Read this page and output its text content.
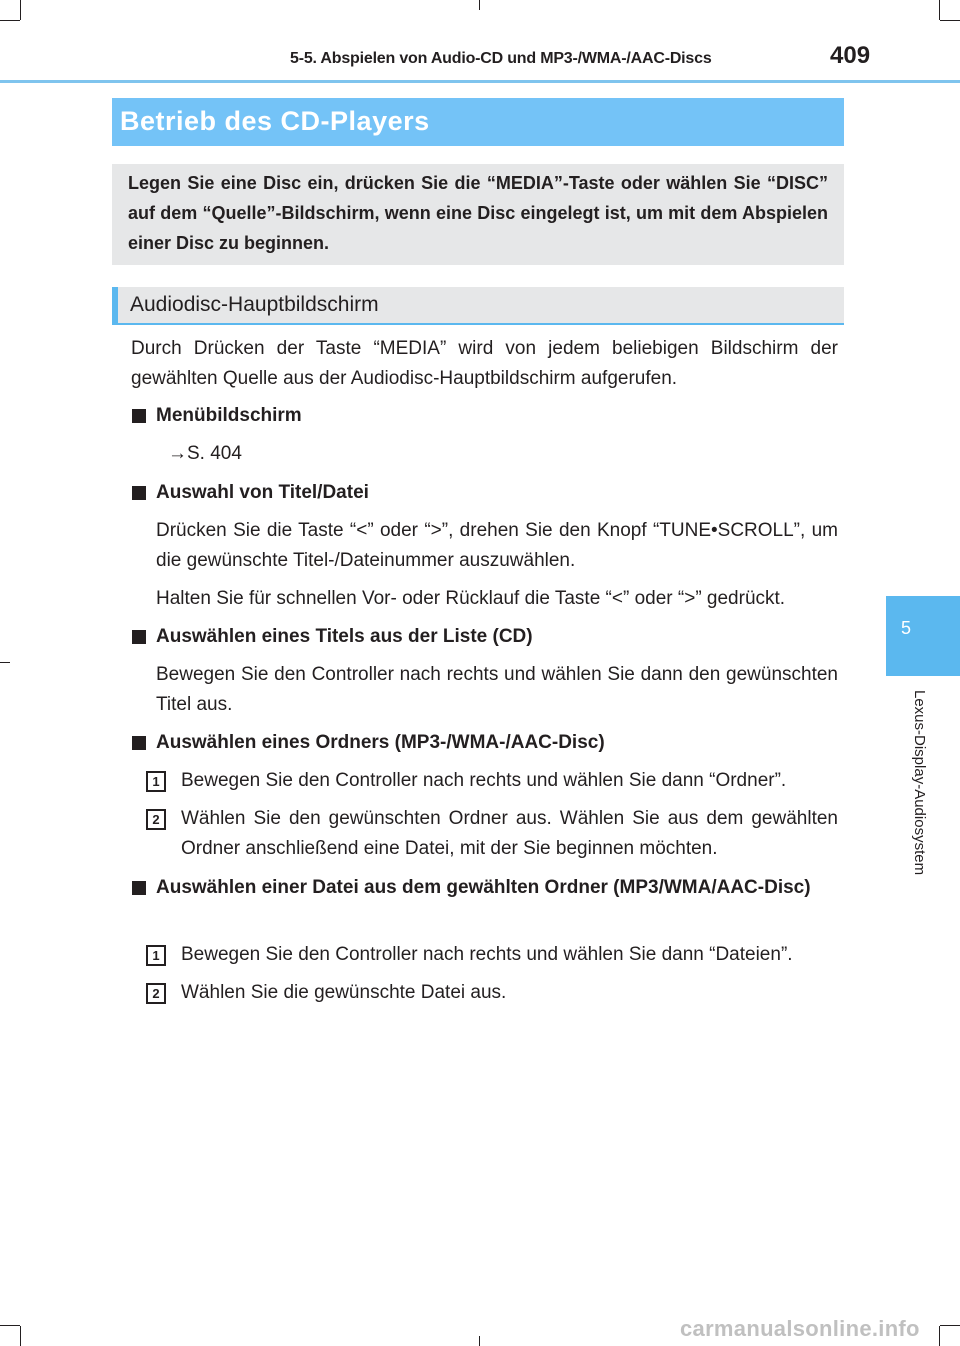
5-5. Abspielen von Audio-CD und MP3-/WMA-/AAC-Discs	409
5
Lexus-Display-Audiosystem
Betrieb des CD-Players
Legen Sie eine Disc ein, drücken Sie die “MEDIA”-Taste oder wählen Sie “DISC” auf dem “Quelle”-Bildschirm, wenn eine Disc eingelegt ist, um mit dem Abspielen einer Disc zu beginnen.
Audiodisc-Hauptbildschirm
Durch Drücken der Taste “MEDIA” wird von jedem beliebigen Bildschirm der gewählten Quelle aus der Audiodisc-Hauptbildschirm aufgerufen.
Menübildschirm
→S. 404
Auswahl von Titel/Datei
Drücken Sie die Taste “<” oder “>”, drehen Sie den Knopf “TUNE•SCROLL”, um die gewünschte Titel-/Dateinummer auszuwählen.
Halten Sie für schnellen Vor- oder Rücklauf die Taste “<” oder “>” gedrückt.
Auswählen eines Titels aus der Liste (CD)
Bewegen Sie den Controller nach rechts und wählen Sie dann den gewünschten Titel aus.
Auswählen eines Ordners (MP3-/WMA-/AAC-Disc)
1	Bewegen Sie den Controller nach rechts und wählen Sie dann “Ordner”.
2	Wählen Sie den gewünschten Ordner aus. Wählen Sie aus dem gewählten Ordner anschließend eine Datei, mit der Sie beginnen möchten.
Auswählen einer Datei aus dem gewählten Ordner (MP3/WMA/AAC-Disc)
1	Bewegen Sie den Controller nach rechts und wählen Sie dann “Dateien”.
2	Wählen Sie die gewünschte Datei aus.
carmanualsonline.info
